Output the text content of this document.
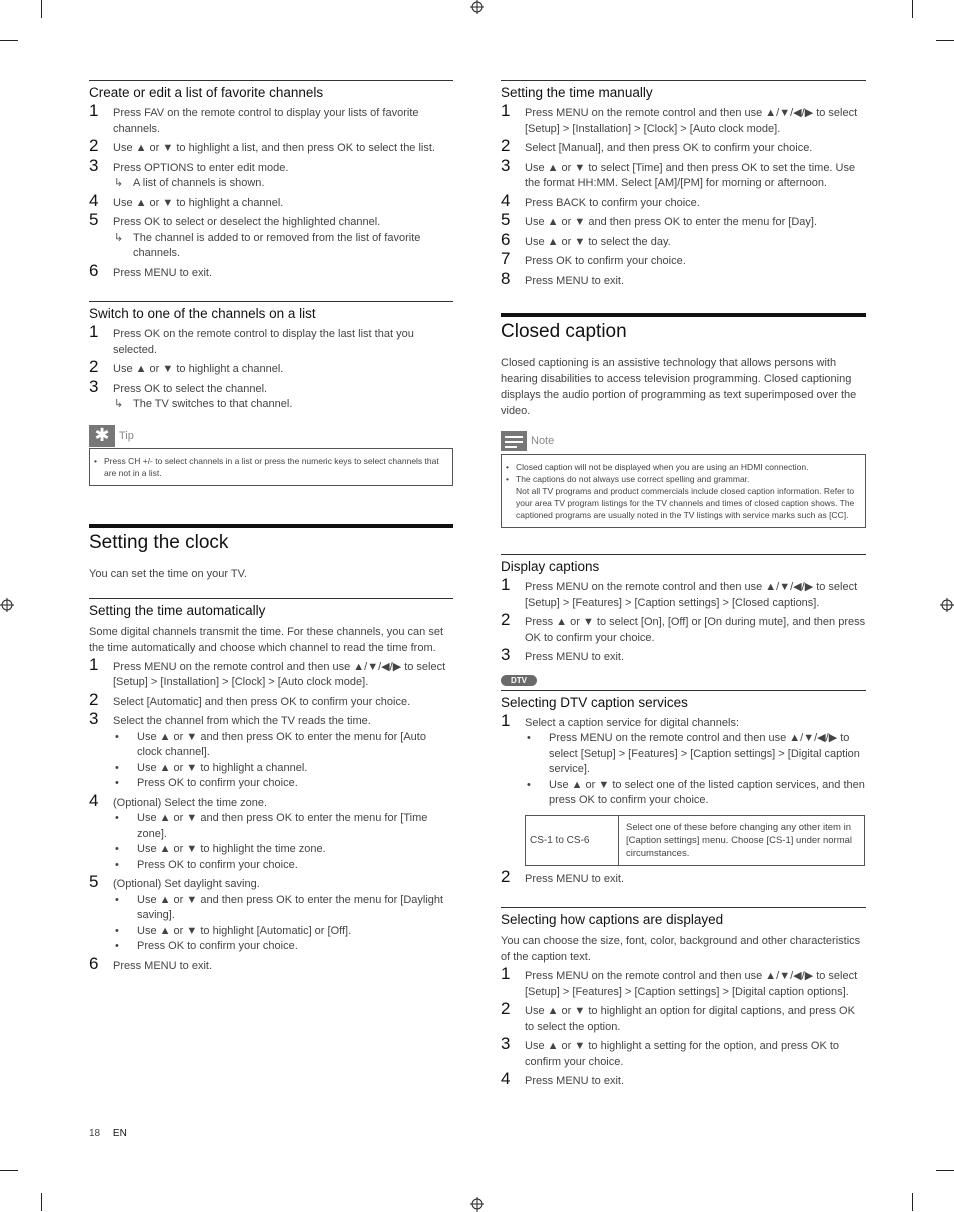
Create or edit a list of favorite channels
1 Press FAV on the remote control to display your lists of favorite channels.
2 Use ▲ or ▼ to highlight a list, and then press OK to select the list.
3 Press OPTIONS to enter edit mode.
↳ A list of channels is shown.
4 Use ▲ or ▼ to highlight a channel.
5 Press OK to select or deselect the highlighted channel.
↳ The channel is added to or removed from the list of favorite channels.
6 Press MENU to exit.
Switch to one of the channels on a list
1 Press OK on the remote control to display the last list that you selected.
2 Use ▲ or ▼ to highlight a channel.
3 Press OK to select the channel.
↳ The TV switches to that channel.
✱ Tip
• Press CH +/- to select channels in a list or press the numeric keys to select channels that are not in a list.
Setting the clock

You can set the time on your TV.

Setting the time automatically

Some digital channels transmit the time. For these channels, you can set the time automatically and choose which channel to read the time from.

1 Press MENU on the remote control and then use ▲/▼/◀/▶ to select [Setup] > [Installation] > [Clock] > [Auto clock mode].
2 Select [Automatic] and then press OK to confirm your choice.
3 Select the channel from which the TV reads the time.
• Use ▲ or ▼ and then press OK to enter the menu for [Auto clock channel].
• Use ▲ or ▼ to highlight a channel.
• Press OK to confirm your choice.
4 (Optional) Select the time zone.
• Use ▲ or ▼ and then press OK to enter the menu for [Time zone].
• Use ▲ or ▼ to highlight the time zone.
• Press OK to confirm your choice.
5 (Optional) Set daylight saving.
• Use ▲ or ▼ and then press OK to enter the menu for [Daylight saving].
• Use ▲ or ▼ to highlight [Automatic] or [Off].
• Press OK to confirm your choice.
6 Press MENU to exit.
Setting the time manually
1 Press MENU on the remote control and then use ▲/▼/◀/▶ to select [Setup] > [Installation] > [Clock] > [Auto clock mode].
2 Select [Manual], and then press OK to confirm your choice.
3 Use ▲ or ▼ to select [Time] and then press OK to set the time. Use the format HH:MM. Select [AM]/[PM] for morning or afternoon.
4 Press BACK to confirm your choice.
5 Use ▲ or ▼ and then press OK to enter the menu for [Day].
6 Use ▲ or ▼ to select the day.
7 Press OK to confirm your choice.
8 Press MENU to exit.
Closed caption

Closed captioning is an assistive technology that allows persons with hearing disabilities to access television programming. Closed captioning displays the audio portion of programming as text superimposed over the video.

Note
• Closed caption will not be displayed when you are using an HDMI connection.
• The captions do not always use correct spelling and grammar.
Not all TV programs and product commercials include closed caption information. Refer to your area TV program listings for the TV channels and times of closed caption shows. The captioned programs are usually noted in the TV listings with service marks such as [CC].
Display captions
1 Press MENU on the remote control and then use ▲/▼/◀/▶ to select [Setup] > [Features] > [Caption settings] > [Closed captions].
2 Press ▲ or ▼ to select [On], [Off] or [On during mute], and then press OK to confirm your choice.
3 Press MENU to exit.
DTV
Selecting DTV caption services
1 Select a caption service for digital channels:
• Press MENU on the remote control and then use ▲/▼/◀/▶ to select [Setup] > [Features] > [Caption settings] > [Digital caption service].
• Use ▲ or ▼ to select one of the listed caption services, and then press OK to confirm your choice.
CS-1 to CS-6	Select one of these before changing any other item in [Caption settings] menu. Choose [CS-1] under normal circumstances.
2 Press MENU to exit.
Selecting how captions are displayed

You can choose the size, font, color, background and other characteristics of the caption text.

1 Press MENU on the remote control and then use ▲/▼/◀/▶ to select [Setup] > [Features] > [Caption settings] > [Digital caption options].
2 Use ▲ or ▼ to highlight an option for digital captions, and press OK to select the option.
3 Use ▲ or ▼ to highlight a setting for the option, and press OK to confirm your choice.
4 Press MENU to exit.
18 EN
